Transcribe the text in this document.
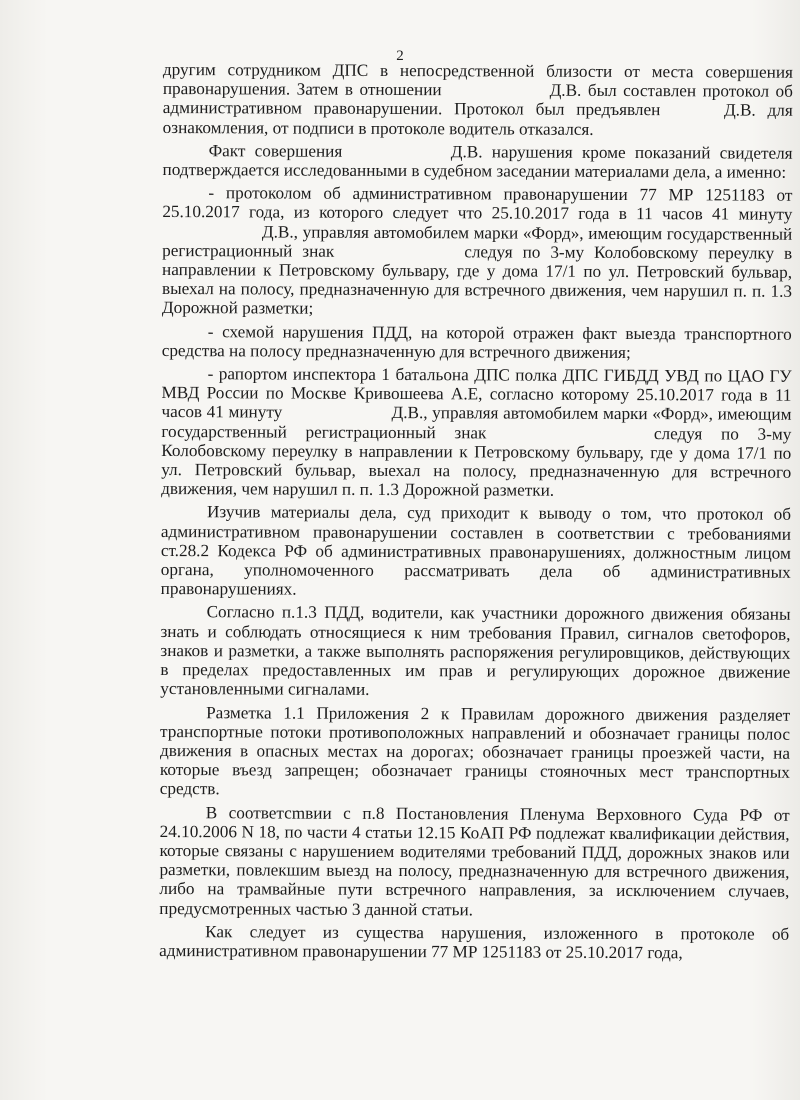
2

другим сотрудником ДПС в непосредственной близости от места совершения правонарушения. Затем в отношении	Д.В. был составлен протокол об административном правонарушении. Протокол был предъявлен	Д.В. для ознакомления, от подписи в протоколе водитель отказался.

Факт совершения	Д.В. нарушения кроме показаний свидетеля подтверждается исследованными в судебном заседании материалами дела, а именно:

- протоколом об административном правонарушении 77 МР 1251183 от 25.10.2017 года, из которого следует что 25.10.2017 года в 11 часов 41 минуту  Д.В., управляя автомобилем марки «Форд», имеющим государственный регистрационный знак	следуя по 3-му Колобовскому переулку в направлении к Петровскому бульвару, где у дома 17/1 по ул. Петровский бульвар, выехал на полосу, предназначенную для встречного движения, чем нарушил п. п. 1.3 Дорожной разметки;

- схемой нарушения ПДД, на которой отражен факт выезда транспортного средства на полосу предназначенную для встречного движения;

- рапортом инспектора 1 батальона ДПС полка ДПС ГИБДД УВД по ЦАО ГУ МВД России по Москве Кривошеева А.Е, согласно которому 25.10.2017 года в 11 часов 41 минуту	Д.В., управляя автомобилем марки «Форд», имеющим государственный регистрационный знак	следуя по 3-му Колобовскому переулку в направлении к Петровскому бульвару, где у дома 17/1 по ул. Петровский бульвар, выехал на полосу, предназначенную для встречного движения, чем нарушил п. п. 1.3 Дорожной разметки.

Изучив материалы дела, суд приходит к выводу о том, что протокол об административном правонарушении составлен в соответствии с требованиями ст.28.2 Кодекса РФ об административных правонарушениях, должностным лицом органа, уполномоченного рассматривать дела об административных правонарушениях.

Согласно п.1.3 ПДД, водители, как участники дорожного движения обязаны знать и соблюдать относящиеся к ним требования Правил, сигналов светофоров, знаков и разметки, а также выполнять распоряжения регулировщиков, действующих в пределах предоставленных им прав и регулирующих дорожное движение установленными сигналами.

Разметка 1.1 Приложения 2 к Правилам дорожного движения разделяет транспортные потоки противоположных направлений и обозначает границы полос движения в опасных местах на дорогах; обозначает границы проезжей части, на которые въезд запрещен; обозначает границы стояночных мест транспортных средств.

В соответсmвии с п.8 Постановления Пленума Верховного Суда РФ от 24.10.2006 N 18, по части 4 статьи 12.15 КоАП РФ подлежат квалификации действия, которые связаны с нарушением водителями требований ПДД, дорожных знаков или разметки, повлекшим выезд на полосу, предназначенную для встречного движения, либо на трамвайные пути встречного направления, за исключением случаев, предусмотренных частью 3 данной статьи.

Как следует из существа нарушения, изложенного в протоколе об административном правонарушении 77 МР 1251183 от 25.10.2017 года,
